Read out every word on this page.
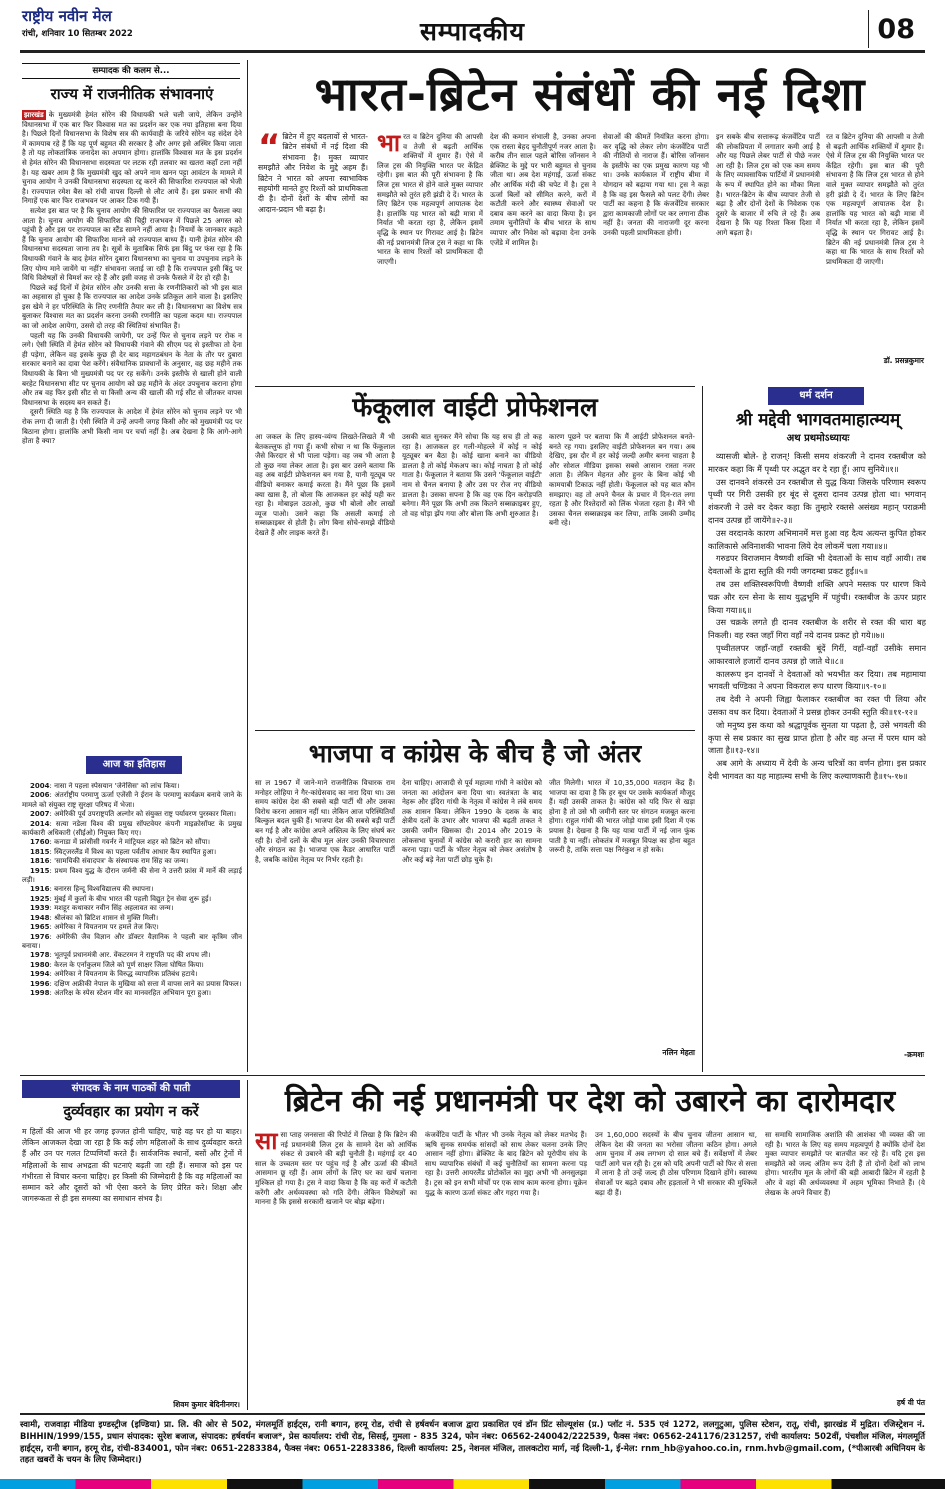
राष्ट्रीय नवीन मेल
रांची, शनिवार 10 सितम्बर 2022	सम्पादकीय	08
सम्पादक की कलम से...
राज्य में राजनीतिक संभावनाएं

झारखंड के मुख्यमंत्री हेमंत सोरेन की विधायकी भले चली जाये, लेकिन उन्होंने विधानसभा में एक बार फिर विश्वास मत का प्रदर्शन कर एक नया इतिहास बना दिया है। पिछले दिनों विधानसभा के विशेष सत्र की कार्यवाही के जरिये सोरेन यह संदेश देने में कामयाब रहे हैं कि यह पूर्ण बहुमत की सरकार है और अगर इसे अस्थिर किया जाता है तो यह लोकतांत्रिक जनादेश का अपमान होगा। हालांकि विश्वास मत के इस प्रदर्शन से हेमंत सोरेन की विधानसभा सदस्यता पर लटक रही तलवार का खतरा कहाँ टला नहीं है। यह खबर आम है कि मुख्यमंत्री खुद को अपने नाम खनन पट्टा आवंटन के मामले में चुनाव आयोग ने उनकी विधानसभा सदस्यता रद्द करने की सिफारिश राज्यपाल को भेजी है। राज्यपाल रमेश बैस को रांची वापस दिल्ली से लौट आये हैं। इस प्रकार सभी की निगाहें एक बार फिर राजभवन पर आकर टिक गयी हैं।

सत्येश इस बात पर है कि चुनाव आयोग की सिफारिश पर राज्यपाल का फैसला क्या आता है। चुनाव आयोग की सिफारिश की चिट्ठी राजभवन में पिछले 25 अगस्त को पहुंची है और इस पर राज्यपाल का स्टैंड सामने नहीं आया है। नियमों के जानकार कहते हैं कि चुनाव आयोग की सिफारिश मानने को राज्यपाल बाध्य हैं। यानी हेमंत सोरेन की विधानसभा सदस्यता जाना तय है। सूत्रों के मुताबिक सिर्फ इस बिंदु पर फंस रहा है कि विधायकी गंवाने के बाद हेमंत सोरेन दुबारा विधानसभा का चुनाव या उपचुनाव लड़ने के लिए योग्य माने जायेंगे या नहीं? संभावना जताई जा रही है कि राज्यपाल इसी बिंदु पर विधि विशेषज्ञों से विमर्श कर रहे हैं और इसी वजह से उनके फैसले में देर हो रही है।

पिछले कई दिनों में हेमंत सोरेन और उनकी सत्ता के रणनीतिकारों को भी इस बात का अहसास हो चुका है कि राज्यपाल का आदेश उनके प्रतिकूल आने वाला है। इसलिए इस खेमे ने हर परिस्थिति के लिए रणनीति तैयार कर ली है। विधानसभा का विशेष सत्र बुलाकर विश्वास मत का प्रदर्शन करना उनकी रणनीति का पहला कदम था। राज्यपाल का जो आदेश आयेगा, उससे दो तरह की स्थितियां संभावित हैं।

पहली यह कि उनकी विधायकी जायेगी, पर उन्हें फिर से चुनाव लड़ने पर रोक न लगे। ऐसी स्थिति में हेमंत सोरेन को विधायकी गंवाने की सीएम पद से इस्तीफा तो देना ही पड़ेगा, लेकिन वह इसके कुछ ही देर बाद महागठबंधन के नेता के तौर पर दुबारा सरकार बनाने का दावा पेश करेंगे। संवैधानिक प्रावधानों के अनुसार, वह छह महीने तक विधायकी के बिना भी मुख्यमंत्री पद पर रह सकेंगे। उनके इस्तीफे से खाली होने वाली बरहेट विधानसभा सीट पर चुनाव आयोग को छह महीने के अंदर उपचुनाव कराना होगा और तब वह फिर इसी सीट से या किसी अन्य की खाली की गई सीट से जीतकर वापस विधानसभा के सदस्य बन सकते हैं।

दूसरी स्थिति यह है कि राज्यपाल के आदेश में हेमंत सोरेन को चुनाव लड़ने पर भी रोक लगा दी जाती है। ऐसी स्थिति में उन्हें अपनी जगह किसी और को मुख्यमंत्री पद पर बिठाना होगा। हालांकि अभी किसी नाम पर चर्चा नहीं है। अब देखना है कि आगे-आगे होता है क्या?

आज का इतिहास

2004: नासा ने पहला स्पेसयान 'जेनेसिस' को लांच किया।

2006: अंतर्राष्ट्रीय परमाणु ऊर्जा एजेंसी ने ईरान के परमाणु कार्यक्रम बनाये जाने के मामले को संयुक्त राष्ट्र सुरक्षा परिषद में भेजा।

2007: अमेरिकी पूर्व उपराष्ट्रपति अल्गोर को संयुक्त राष्ट्र पर्यावरण पुरस्कार मिला।

2014: सत्या नडेला विश्व की प्रमुख सॉफ्टवेयर कंपनी माइक्रोसॉफ्ट के प्रमुख कार्यकारी अधिकारी (सीईओ) नियुक्त किए गए।

1760: कनाडा में फ्रांसीसी गवर्नर ने मांट्रियल शहर को ब्रिटेन को सौंपा।

1815: स्विट्जरलैंड में विश्व का पहला पर्वतीय आधार कैंप स्थापित हुआ।

1816: 'सामयिकी संवादपत्र' के संस्थापक राम सिंह का जन्म।

1915: प्रथम विश्व युद्ध के दौरान जर्मनी की सेना ने उत्तरी फ्रांस में मार्ने की लड़ाई लड़ी।

1916: बनारस हिन्दू विश्वविद्यालय की स्थापना।

1925: मुंबई में कुर्ला के बीच भारत की पहली विद्युत ट्रेन सेवा शुरू हुई।

1939: मशहूर कथाकार नवीन सिंह अहलावत का जन्म।

1948: श्रीलंका को ब्रिटिश शासन से मुक्ति मिली।

1965: अमेरिका ने वियतनाम पर हमले तेज किए।

1976: अमेरिकी जैव विज्ञान और डॉक्टर वैज्ञानिक ने पहली बार कृत्रिम जीन बनाया।

1978: भूतपूर्व प्रधानमंत्री आर. वेंकटरमन ने राष्ट्रपति पद की शपथ ली।

1980: केरल के एर्नाकुलम जिले को पूर्ण साक्षर जिला घोषित किया।

1994: अमेरिका ने वियतनाम के विरुद्ध व्यापारिक प्रतिबंध हटाये।

1996: दक्षिण अफ्रीकी नेपाल के मुखिया को सत्ता में वापस लाने का प्रयास विफल।

1998: अंतरिक्ष के स्पेस स्टेशन मीर का मानवरहित अभियान पूरा हुआ।

भारत-ब्रिटेन संबंधों की नई दिशा
“ ब्रिटेन में हुए बदलावों से भारत-ब्रिटेन संबंधों में नई दिशा की संभावना है। मुक्त व्यापार समझौते और निवेश के मुद्दे अहम हैं। ब्रिटेन ने भारत को अपना स्वाभाविक सहयोगी मानते हुए रिश्तों को प्राथमिकता दी है। दोनों देशों के बीच लोगों का आदान-प्रदान भी बढ़ा है।
भारत व ब्रिटेन दुनिया की आपसी व तेजी से बढ़ती आर्थिक शक्तियों में शुमार हैं। ऐसे में लिज ट्रस की नियुक्ति भारत पर केंद्रित रहेगी। इस बात की पूरी संभावना है कि लिज ट्रस भारत से होने वाले मुक्त व्यापार समझौते को तुरंत हरी झंडी दे दें। भारत के लिए ब्रिटेन एक महत्वपूर्ण आयातक देश है। हालांकि यह भारत को बढ़ी मात्रा में निर्यात भी करता रहा है, लेकिन इसमें वृद्धि के स्थान पर गिरावट आई है। ब्रिटेन की नई प्रधानमंत्री लिज ट्रस ने कहा था कि भारत के साथ रिश्तों को प्राथमिकता दी जाएगी।
देश की कमान संभाली है, उनका अपना एक रास्ता बेहद चुनौतीपूर्ण नजर आता है। करीब तीन साल पहले बोरिस जॉनसन ने ब्रेक्जिट के मुद्दे पर भारी बहुमत से चुनाव जीता था। अब देश महंगाई, ऊर्जा संकट और आर्थिक मंदी की चपेट में है। ट्रस ने ऊर्जा बिलों को सीमित करने, करों में कटौती करने और स्वास्थ्य सेवाओं पर दबाव कम करने का वादा किया है। इन तमाम चुनौतियों के बीच भारत के साथ व्यापार और निवेश को बढ़ावा देना उनके एजेंडे में शामिल है।
सेवाओं की कीमतें नियंत्रित करना होगा। कर वृद्धि को लेकर लोग कंजर्वेटिव पार्टी की नीतियों से नाराज हैं। बोरिस जॉनसन के इस्तीफे का एक प्रमुख कारण यह भी था। उनके कार्यकाल में राष्ट्रीय बीमा में योगदान को बढ़ाया गया था। ट्रस ने कहा है कि वह इस फैसले को पलट देंगी। लेबर पार्टी का कहना है कि कंजर्वेटिव सरकार द्वारा कामकाजी लोगों पर कर लगाना ठीक नहीं है। जनता की नाराजगी दूर करना उनकी पहली प्राथमिकता होगी।
इन सबके बीच सत्तारूढ़ कंजर्वेटिव पार्टी की लोकप्रियता में लगातार कमी आई है और यह पिछले लेबर पार्टी से पीछे नजर आ रही है। लिज ट्रस को एक कम समय के लिए व्यावसायिक पार्टियों में प्रधानमंत्री के रूप में स्थापित होने का मौका मिला है। भारत-ब्रिटेन के बीच व्यापार तेजी से बढ़ा है और दोनों देशों के निवेशक एक दूसरे के बाजार में रुचि ले रहे हैं। अब देखना है कि यह रिश्ता किस दिशा में आगे बढ़ता है।
रत व ब्रिटेन दुनिया की आपसी व तेजी से बढ़ती आर्थिक शक्तियों में शुमार हैं। ऐसे में लिज ट्रस की नियुक्ति भारत पर केंद्रित रहेगी। इस बात की पूरी संभावना है कि लिज ट्रस भारत से होने वाले मुक्त व्यापार समझौते को तुरंत हरी झंडी दे दें। भारत के लिए ब्रिटेन एक महत्वपूर्ण आयातक देश है। हालांकि यह भारत को बढ़ी मात्रा में निर्यात भी करता रहा है, लेकिन इसमें वृद्धि के स्थान पर गिरावट आई है। ब्रिटेन की नई प्रधानमंत्री लिज ट्रस ने कहा था कि भारत के साथ रिश्तों को प्राथमिकता दी जाएगी।
डॉ. प्रसन्नकुमार
फेंकूलाल वाईटी प्रोफेशनल
आ जकल के लिए हास्य-व्यंग्य लिखते-लिखते मैं भी बेतकल्लुफ हो गया हूँ। कभी सोचा न था कि फेंकूलाल जैसे किरदार से भी पाला पड़ेगा। वह जब भी आता है तो कुछ नया लेकर आता है। इस बार उसने बताया कि वह अब वाईटी प्रोफेशनल बन गया है, यानी यूट्यूब पर वीडियो बनाकर कमाई करता है। मैंने पूछा कि इसमें क्या खास है, तो बोला कि आजकल हर कोई यही कर रहा है। मोबाइल उठाओ, कुछ भी बोलो और लाखों व्यूज पाओ। उसने कहा कि असली कमाई तो सब्सक्राइबर से होती है। लोग बिना सोचे-समझे वीडियो देखते हैं और लाइक करते हैं।
उसकी बात सुनकर मैंने सोचा कि यह सच ही तो कह रहा है। आजकल हर गली-मोहल्ले में कोई न कोई यूट्यूबर बन बैठा है। कोई खाना बनाने का वीडियो डालता है तो कोई मेकअप का। कोई नाचता है तो कोई गाता है। फेंकूलाल ने बताया कि उसने 'फेंकूलाल वाईटी' नाम से चैनल बनाया है और उस पर रोज नए वीडियो डालता है। उसका सपना है कि वह एक दिन करोड़पति बनेगा। मैंने पूछा कि अभी तक कितने सब्सक्राइबर हुए, तो वह थोड़ा झेंप गया और बोला कि अभी शुरुआत है।
कारण पूछने पर बताया कि मैं आईटी प्रोफेशनल बनते-बनते रह गया। इसलिए वाईटी प्रोफेशनल बन गया। अब देखिए, इस दौर में हर कोई जल्दी अमीर बनना चाहता है और सोशल मीडिया इसका सबसे आसान रास्ता नजर आता है। लेकिन मेहनत और हुनर के बिना कोई भी कामयाबी टिकाऊ नहीं होती। फेंकूलाल को यह बात कौन समझाए। वह तो अपने चैनल के प्रचार में दिन-रात लगा रहता है और रिश्तेदारों को लिंक भेजता रहता है। मैंने भी उसका चैनल सब्सक्राइब कर लिया, ताकि उसकी उम्मीद बनी रहे।
धर्म दर्शन
श्री मद्देवी भागवतमाहात्म्यम्
अथ प्रथमोऽध्यायः

व्यासजी बोले- हे राजन्! किसी समय शंकरजी ने दानव रक्तबीज को मारकर कहा कि मैं पृथ्वी पर अद्भुत वर दे रहा हूँ। आप सुनिये॥१॥

उस दानवने शंकरसे उन रक्तबीज से युद्ध किया जिसके परिणाम स्वरूप पृथ्वी पर गिरी उसकी हर बूंद से दूसरा दानव उत्पन्न होता था। भगवान् शंकरजी ने उसे वर देकर कहा कि तुम्हारे रक्तसे असंख्य महान् पराक्रमी दानव उत्पन्न हों जायेंगे॥२-३॥

उस वरदानके कारण अभिमानमें मत्त हुआ वह दैत्य अत्यन्त कुपित होकर कालिकासे अविनाशकी भावना लिये देव लोकमें चला गया॥४॥

गरुडपर विराजमान वैष्णवी शक्ति भी देवताओं के साथ वहाँ आयी। तब देवताओं के द्वारा स्तुति की गयी जगदम्बा प्रकट हुईं॥५॥

तब उस शक्तिस्वरूपिणी वैष्णवी शक्ति अपने मस्तक पर धारण किये चक्र और रत्न सेना के साथ युद्धभूमि में पहुंची। रक्तबीज के ऊपर प्रहार किया गया॥६॥

उस चक्रके लगते ही दानव रक्तबीज के शरीर से रक्त की धारा बह निकली। वह रक्त जहाँ गिरा वहाँ नये दानव प्रकट हो गये॥७॥

पृथ्वीतलपर जहाँ-जहाँ रक्तकी बूंदें गिरीं, वहाँ-वहाँ उसीके समान आकारवाले हजारों दानव उत्पन्न हो जाते थे॥८॥

कालरूप इन दानवों ने देवताओं को भयभीत कर दिया। तब महामाया भगवती चण्डिका ने अपना विकराल रूप धारण किया॥९-१०॥

तब देवी ने अपनी जिह्वा फैलाकर रक्तबीज का रक्त पी लिया और उसका वध कर दिया। देवताओं ने प्रसन्न होकर उनकी स्तुति की॥११-१२॥

जो मनुष्य इस कथा को श्रद्धापूर्वक सुनता या पढ़ता है, उसे भगवती की कृपा से सब प्रकार का सुख प्राप्त होता है और वह अन्त में परम धाम को जाता है॥१३-१४॥

अब आगे के अध्याय में देवी के अन्य चरित्रों का वर्णन होगा। इस प्रकार देवी भागवत का यह माहात्म्य सभी के लिए कल्याणकारी है॥१५-१७॥

-क्रमशः
भाजपा व कांग्रेस के बीच है जो अंतर
सा ल 1967 में जाने-माने राजनीतिक विचारक राम मनोहर लोहिया ने गैर-कांग्रेसवाद का नारा दिया था। उस समय कांग्रेस देश की सबसे बड़ी पार्टी थी और उसका विरोध करना आसान नहीं था। लेकिन आज परिस्थितियाँ बिल्कुल बदल चुकी हैं। भाजपा देश की सबसे बड़ी पार्टी बन गई है और कांग्रेस अपने अस्तित्व के लिए संघर्ष कर रही है। दोनों दलों के बीच मूल अंतर उनकी विचारधारा और संगठन का है। भाजपा एक कैडर आधारित पार्टी है, जबकि कांग्रेस नेतृत्व पर निर्भर रहती है।
देना चाहिए। आजादी से पूर्व महात्मा गांधी ने कांग्रेस को जनता का आंदोलन बना दिया था। स्वतंत्रता के बाद नेहरू और इंदिरा गांधी के नेतृत्व में कांग्रेस ने लंबे समय तक शासन किया। लेकिन 1990 के दशक के बाद क्षेत्रीय दलों के उभार और भाजपा की बढ़ती ताकत ने उसकी जमीन खिसका दी। 2014 और 2019 के लोकसभा चुनावों में कांग्रेस को करारी हार का सामना करना पड़ा। पार्टी के भीतर नेतृत्व को लेकर असंतोष है और कई बड़े नेता पार्टी छोड़ चुके हैं।
जीत मिलेगी। भारत में 10,35,000 मतदान केंद्र हैं। भाजपा का दावा है कि हर बूथ पर उसके कार्यकर्ता मौजूद हैं। यही उसकी ताकत है। कांग्रेस को यदि फिर से खड़ा होना है तो उसे भी जमीनी स्तर पर संगठन मजबूत करना होगा। राहुल गांधी की भारत जोड़ो यात्रा इसी दिशा में एक प्रयास है। देखना है कि यह यात्रा पार्टी में नई जान फूंक पाती है या नहीं। लोकतंत्र में मजबूत विपक्ष का होना बहुत जरूरी है, ताकि सत्ता पक्ष निरंकुश न हो सके।
नलिन मेहता
संपादक के नाम पाठकों की पाती
दुर्व्यवहार का प्रयोग न करें
म हिलों की आज भी हर जगह इज्जत होनी चाहिए, चाहे वह घर हो या बाहर। लेकिन आजकल देखा जा रहा है कि कई लोग महिलाओं के साथ दुर्व्यवहार करते हैं और उन पर गलत टिप्पणियाँ करते हैं। सार्वजनिक स्थानों, बसों और ट्रेनों में महिलाओं के साथ अभद्रता की घटनाएं बढ़ती जा रही हैं। समाज को इस पर गंभीरता से विचार करना चाहिए। हर किसी की जिम्मेदारी है कि वह महिलाओं का सम्मान करे और दूसरों को भी ऐसा करने के लिए प्रेरित करे। शिक्षा और जागरूकता से ही इस समस्या का समाधान संभव है।
शिवम कुमार बेदिनीनगर।
ब्रिटेन की नई प्रधानमंत्री पर देश को उबारने का दारोमदार
सासा प्ताह जनसत्ता की रिपोर्ट में लिखा है कि ब्रिटेन की नई प्रधानमंत्री लिज ट्रस के सामने देश को आर्थिक संकट से उबारने की बड़ी चुनौती है। महंगाई दर 40 साल के उच्चतम स्तर पर पहुंच गई है और ऊर्जा की कीमतें आसमान छू रही हैं। आम लोगों के लिए घर का खर्च चलाना मुश्किल हो गया है। ट्रस ने वादा किया है कि वह करों में कटौती करेंगी और अर्थव्यवस्था को गति देंगी। लेकिन विशेषज्ञों का मानना है कि इससे सरकारी खजाने पर बोझ बढ़ेगा।
कंजर्वेटिव पार्टी के भीतर भी उनके नेतृत्व को लेकर मतभेद हैं। ऋषि सुनक समर्थक सांसदों को साथ लेकर चलना उनके लिए आसान नहीं होगा। ब्रेक्जिट के बाद ब्रिटेन को यूरोपीय संघ के साथ व्यापारिक संबंधों में कई चुनौतियों का सामना करना पड़ रहा है। उत्तरी आयरलैंड प्रोटोकॉल का मुद्दा अभी भी अनसुलझा है। ट्रस को इन सभी मोर्चों पर एक साथ काम करना होगा। यूक्रेन युद्ध के कारण ऊर्जा संकट और गहरा गया है।
उन 1,60,000 सदस्यों के बीच चुनाव जीतना आसान था, लेकिन देश की जनता का भरोसा जीतना कठिन होगा। अगले आम चुनाव में अब लगभग दो साल बचे हैं। सर्वेक्षणों में लेबर पार्टी आगे चल रही है। ट्रस को यदि अपनी पार्टी को फिर से सत्ता में लाना है तो उन्हें जल्द ही ठोस परिणाम दिखाने होंगे। स्वास्थ्य सेवाओं पर बढ़ते दबाव और हड़तालों ने भी सरकार की मुश्किलें बढ़ा दी हैं।
सा समाधि सामाजिक अशांति की आशंका भी व्यक्त की जा रही है। भारत के लिए यह समय महत्वपूर्ण है क्योंकि दोनों देश मुक्त व्यापार समझौते पर बातचीत कर रहे हैं। यदि ट्रस इस समझौते को जल्द अंतिम रूप देती हैं तो दोनों देशों को लाभ होगा। भारतीय मूल के लोगों की बड़ी आबादी ब्रिटेन में रहती है और वे वहां की अर्थव्यवस्था में अहम भूमिका निभाते हैं। (ये लेखक के अपने विचार हैं)
हर्ष वी पंत
स्वामी, राजवाड़ा मीडिया इण्डस्ट्रीज (इण्डिया) प्रा. लि. की ओर से 502, मंगलमूर्ति हाईट्स, रानी बगान, हरमू रोड, रांची से हर्षवर्धन बजाज द्वारा प्रकाशित एवं डॉन प्रिंट सोल्यूशंस (प्र.) प्लॉट नं. 535 एवं 1272, ललगुटुआ, पुलिस स्टेशन, रातू, रांची, झारखंड में मुद्रित। रजिस्ट्रेशन नं. BIHHIN/1999/155, प्रधान संपादक: सुरेश बजाज, संपादक: हर्षवर्धन बजाज*, प्रेस कार्यालय: रांची रोड, सिसई, गुमला - 835 324, फोन नंबर: 06562-240042/222539, फैक्स नंबर: 06562-241176/231257, रांची कार्यालय: 502वीं, पंचशील मंजिल, मंगलमूर्ति हाईट्स, रानी बगान, हरमू रोड, रांची-834001, फोन नंबर: 0651-2283384, फैक्स नंबर: 0651-2283386, दिल्ली कार्यालय: 25, नेशनल मंजिल, तालकटोरा मार्ग, नई दिल्ली-1, ई-मेल: rnm_hb@yahoo.co.in, rnm.hvb@gmail.com, (*पीआरबी अधिनियम के तहत खबरों के चयन के लिए जिम्मेदार।)
